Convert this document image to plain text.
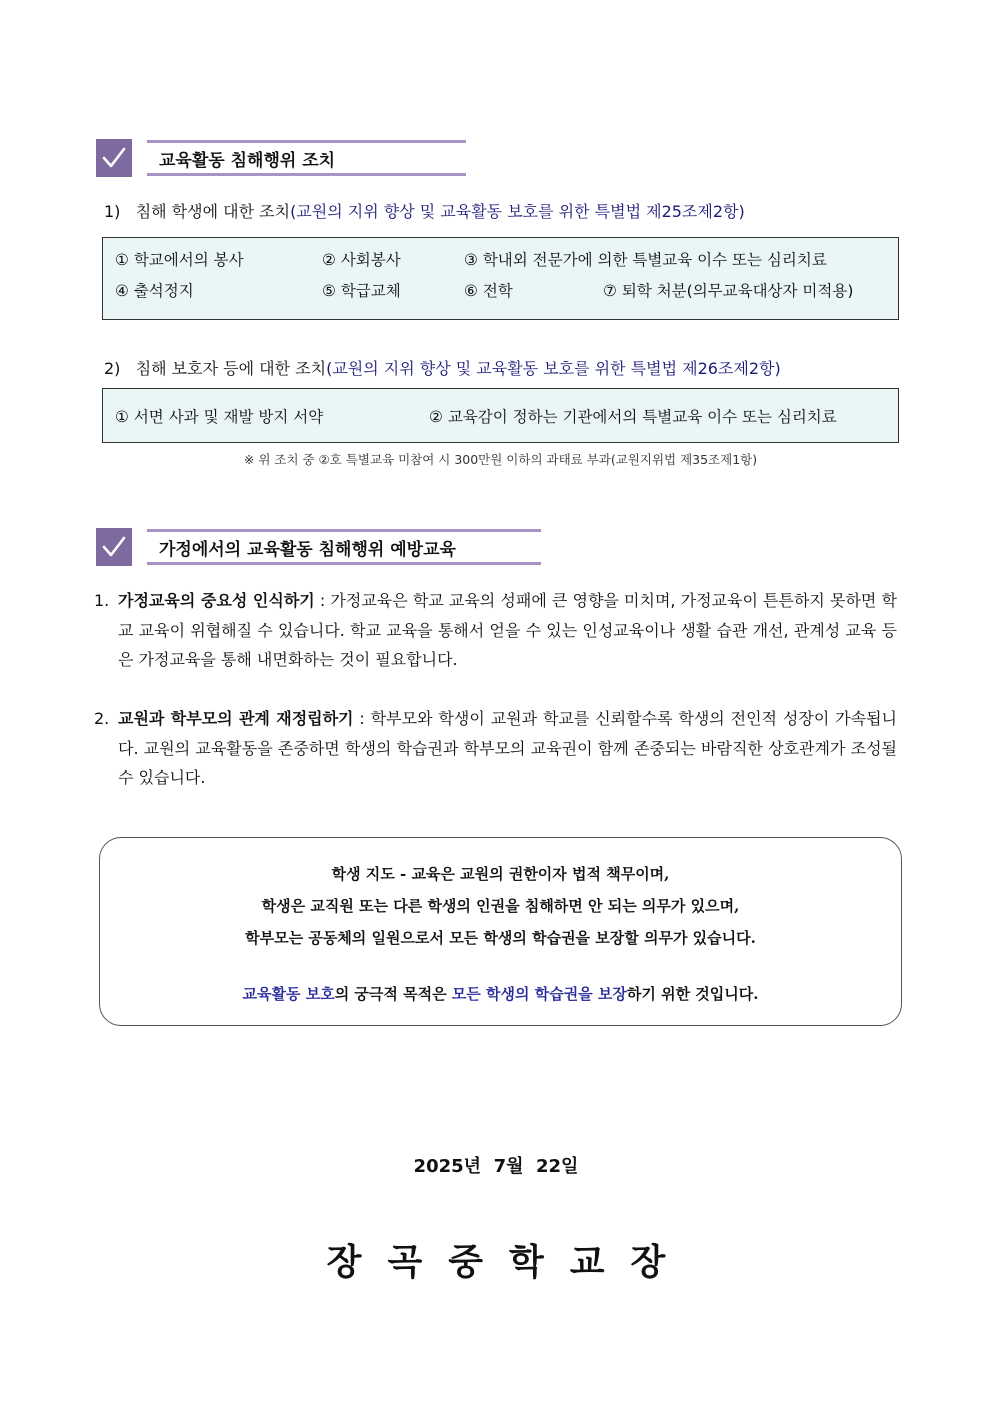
교육활동 침해행위 조치
1) 침해 학생에 대한 조치(교원의 지위 향상 및 교육활동 보호를 위한 특별법 제25조제2항)
① 학교에서의 봉사	② 사회봉사	③ 학내외 전문가에 의한 특별교육 이수 또는 심리치료
④ 출석정지	⑤ 학급교체	⑥ 전학	⑦ 퇴학 처분(의무교육대상자 미적용)
2) 침해 보호자 등에 대한 조치(교원의 지위 향상 및 교육활동 보호를 위한 특별법 제26조제2항)
① 서면 사과 및 재발 방지 서약	② 교육감이 정하는 기관에서의 특별교육 이수 또는 심리치료
※ 위 조치 중 ②호 특별교육 미참여 시 300만원 이하의 과태료 부과(교원지위법 제35조제1항)
가정에서의 교육활동 침해행위 예방교육
1. 가정교육의 중요성 인식하기 : 가정교육은 학교 교육의 성패에 큰 영향을 미치며, 가정교육이 튼튼하지 못하면 학교 교육이 위협해질 수 있습니다. 학교 교육을 통해서 얻을 수 있는 인성교육이나 생활 습관 개선, 관계성 교육 등은 가정교육을 통해 내면화하는 것이 필요합니다.
2. 교원과 학부모의 관계 재정립하기 : 학부모와 학생이 교원과 학교를 신뢰할수록 학생의 전인적 성장이 가속됩니다. 교원의 교육활동을 존중하면 학생의 학습권과 학부모의 교육권이 함께 존중되는 바람직한 상호관계가 조성될 수 있습니다.

학생 지도 - 교육은 교원의 권한이자 법적 책무이며,

학생은 교직원 또는 다른 학생의 인권을 침해하면 안 되는 의무가 있으며,

학부모는 공동체의 일원으로서 모든 학생의 학습권을 보장할 의무가 있습니다.

교육활동 보호의 궁극적 목적은 모든 학생의 학습권을 보장하기 위한 것입니다.

2025년  7월  22일
장곡중학교장
